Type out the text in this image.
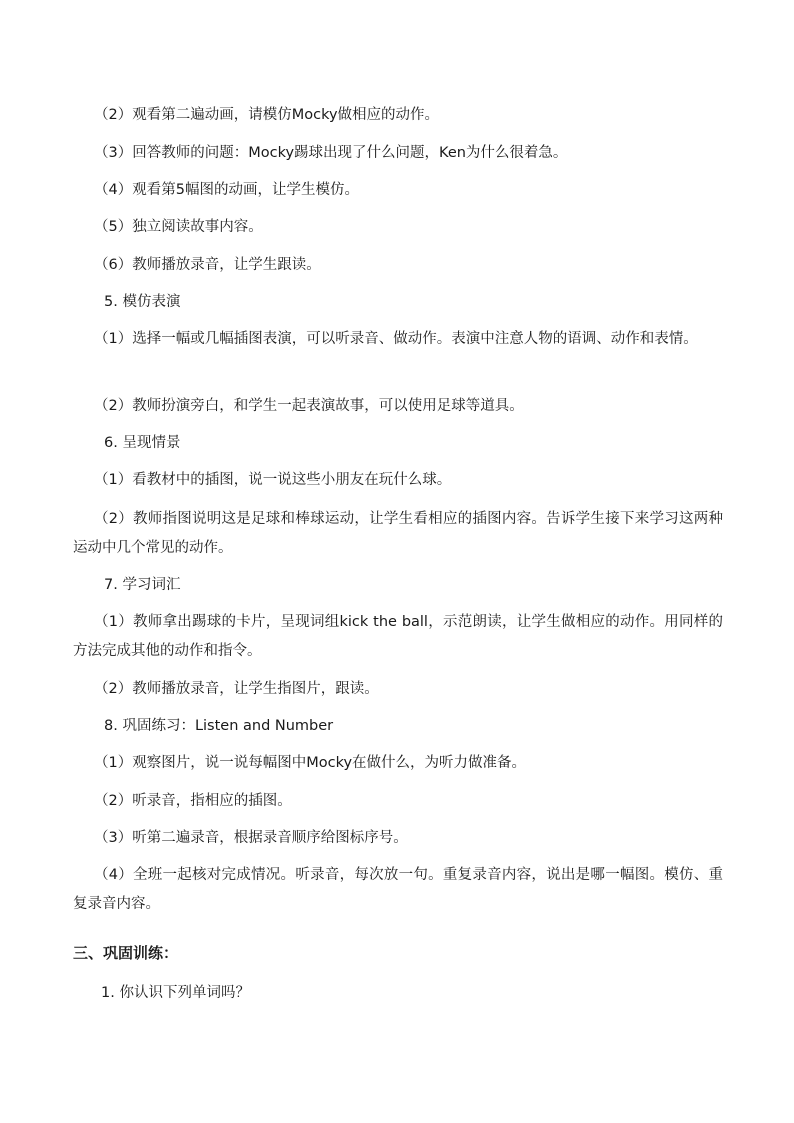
（2）观看第二遍动画，请模仿Mocky做相应的动作。
（3）回答教师的问题：Mocky踢球出现了什么问题，Ken为什么很着急。
（4）观看第5幅图的动画，让学生模仿。
（5）独立阅读故事内容。
（6）教师播放录音，让学生跟读。
5. 模仿表演
（1）选择一幅或几幅插图表演，可以听录音、做动作。表演中注意人物的语调、动作和表情。
（2）教师扮演旁白，和学生一起表演故事，可以使用足球等道具。
6. 呈现情景
（1）看教材中的插图，说一说这些小朋友在玩什么球。
（2）教师指图说明这是足球和棒球运动，让学生看相应的插图内容。告诉学生接下来学习这两种运动中几个常见的动作。
7. 学习词汇
（1）教师拿出踢球的卡片，呈现词组kick the ball，示范朗读，让学生做相应的动作。用同样的方法完成其他的动作和指令。
（2）教师播放录音，让学生指图片，跟读。
8. 巩固练习：Listen and Number
（1）观察图片，说一说每幅图中Mocky在做什么，为听力做准备。
（2）听录音，指相应的插图。
（3）听第二遍录音，根据录音顺序给图标序号。
（4）全班一起核对完成情况。听录音，每次放一句。重复录音内容，说出是哪一幅图。模仿、重复录音内容。
三、巩固训练：
1. 你认识下列单词吗？
